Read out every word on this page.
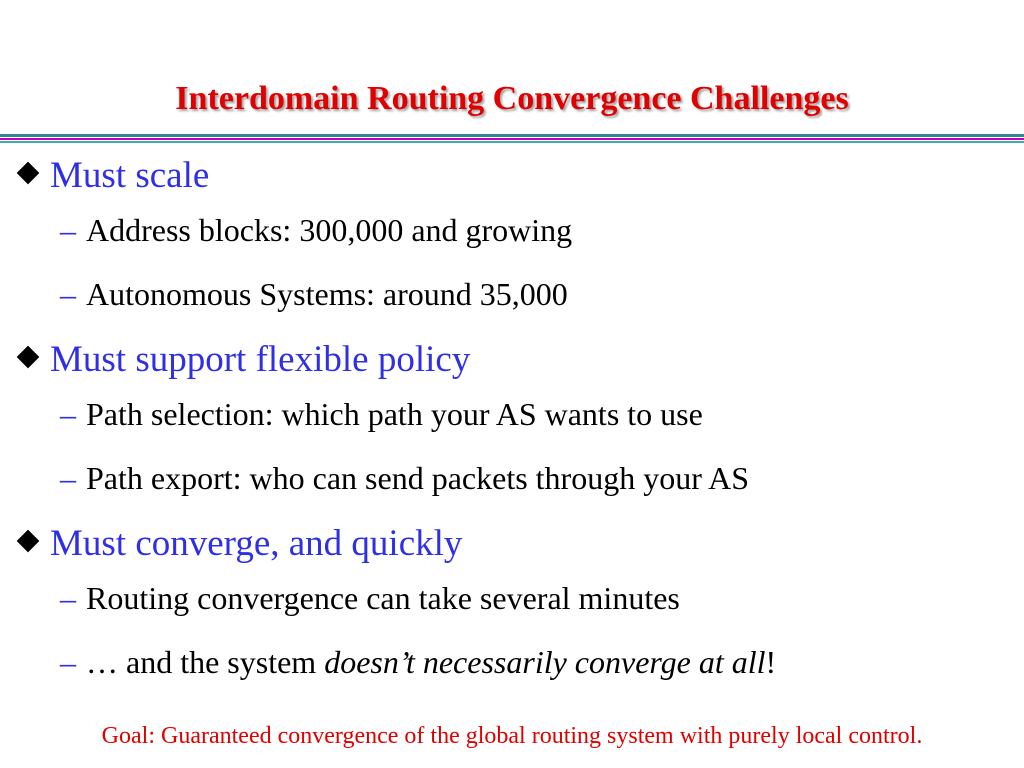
Interdomain Routing Convergence Challenges
Must scale
– Address blocks: 300,000 and growing
– Autonomous Systems: around 35,000
Must support flexible policy
– Path selection: which path your AS wants to use
– Path export: who can send packets through your AS
Must converge, and quickly
– Routing convergence can take several minutes
– … and the system doesn’t necessarily converge at all!
Goal: Guaranteed convergence of the global routing system with purely local control.
